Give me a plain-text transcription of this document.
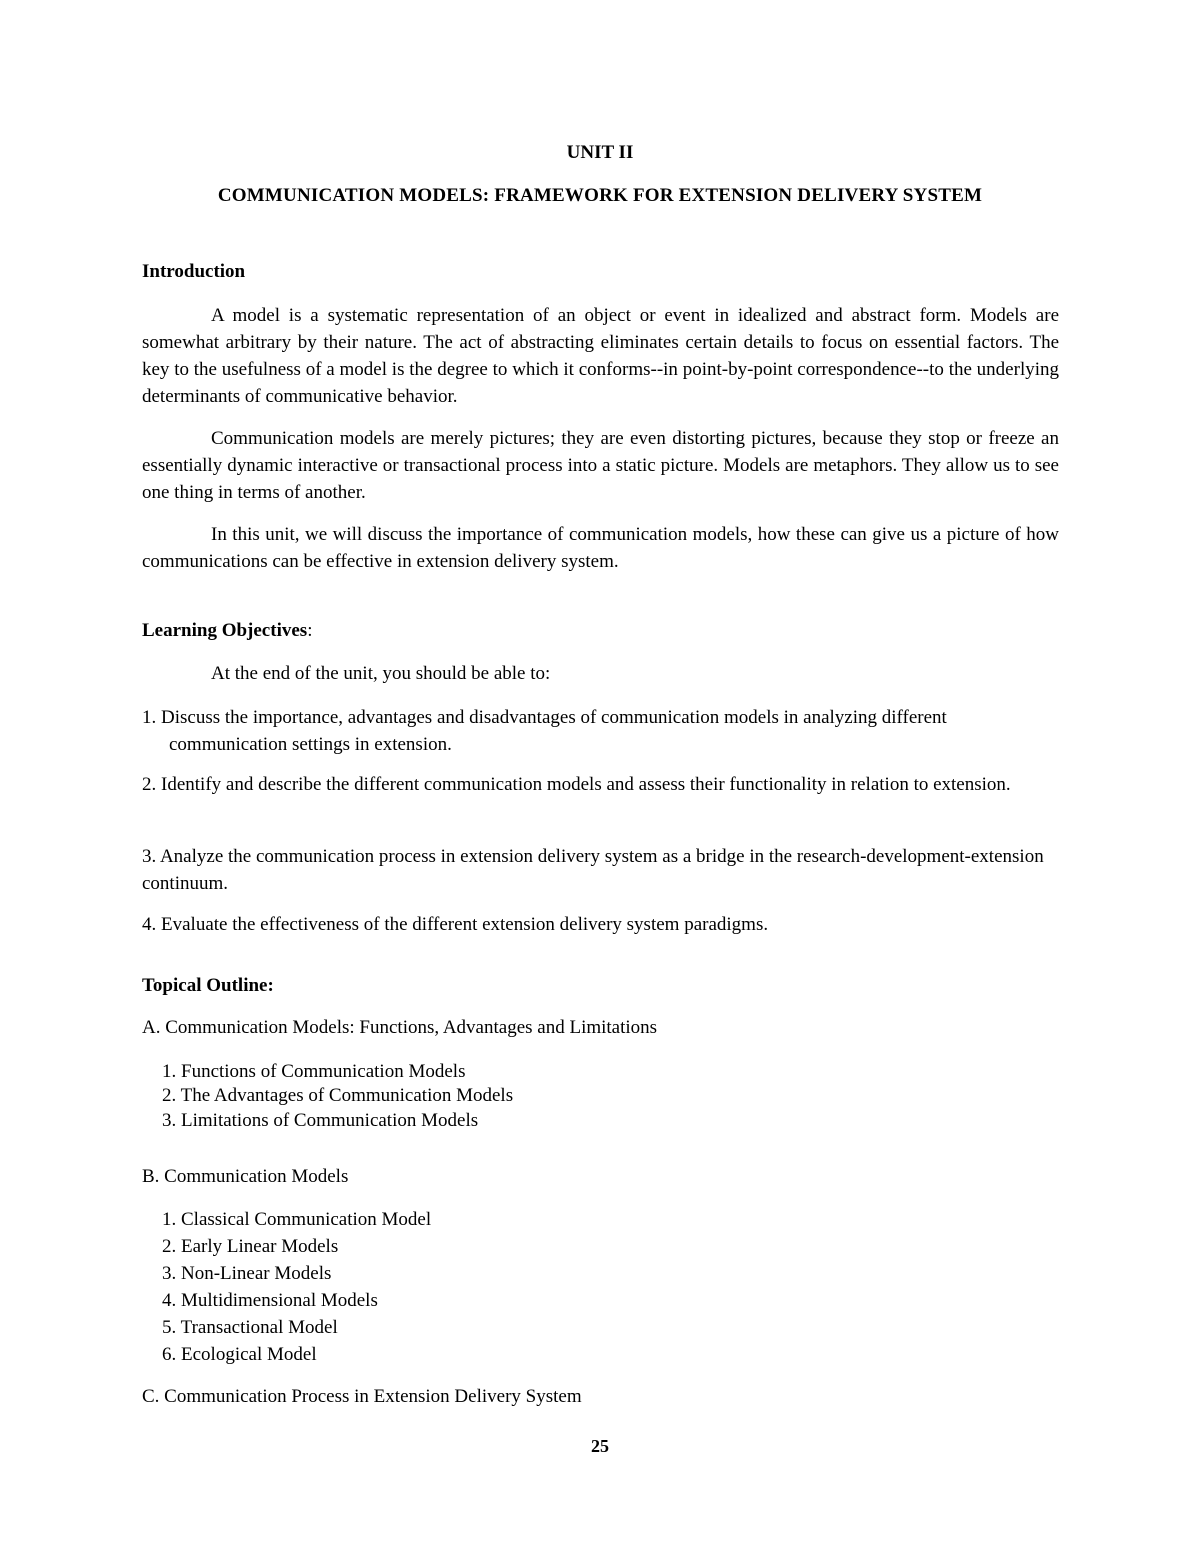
UNIT II
COMMUNICATION MODELS: FRAMEWORK FOR EXTENSION DELIVERY SYSTEM
Introduction
A model is a systematic representation of an object or event in idealized and abstract form. Models are somewhat arbitrary by their nature. The act of abstracting eliminates certain details to focus on essential factors. The key to the usefulness of a model is the degree to which it conforms--in point-by-point correspondence--to the underlying determinants of communicative behavior.
Communication models are merely pictures; they are even distorting pictures, because they stop or freeze an essentially dynamic interactive or transactional process into a static picture. Models are metaphors. They allow us to see one thing in terms of another.
In this unit, we will discuss the importance of communication models, how these can give us a picture of how communications can be effective in extension delivery system.
Learning Objectives:
At the end of the unit, you should be able to:
1. Discuss the importance, advantages and disadvantages of communication models in analyzing different communication settings in extension.
2. Identify and describe the different communication models and assess their functionality in relation to extension.
3. Analyze the communication process in extension delivery system as a bridge in the research-development-extension continuum.
4. Evaluate the effectiveness of the different extension delivery system paradigms.
Topical Outline:
A. Communication Models: Functions, Advantages and Limitations
1. Functions of Communication Models
2. The Advantages of Communication Models
3. Limitations of Communication Models
B. Communication Models
1. Classical Communication Model
2. Early Linear Models
3. Non-Linear Models
4. Multidimensional Models
5. Transactional Model
6. Ecological Model
C. Communication Process in Extension Delivery System
25
